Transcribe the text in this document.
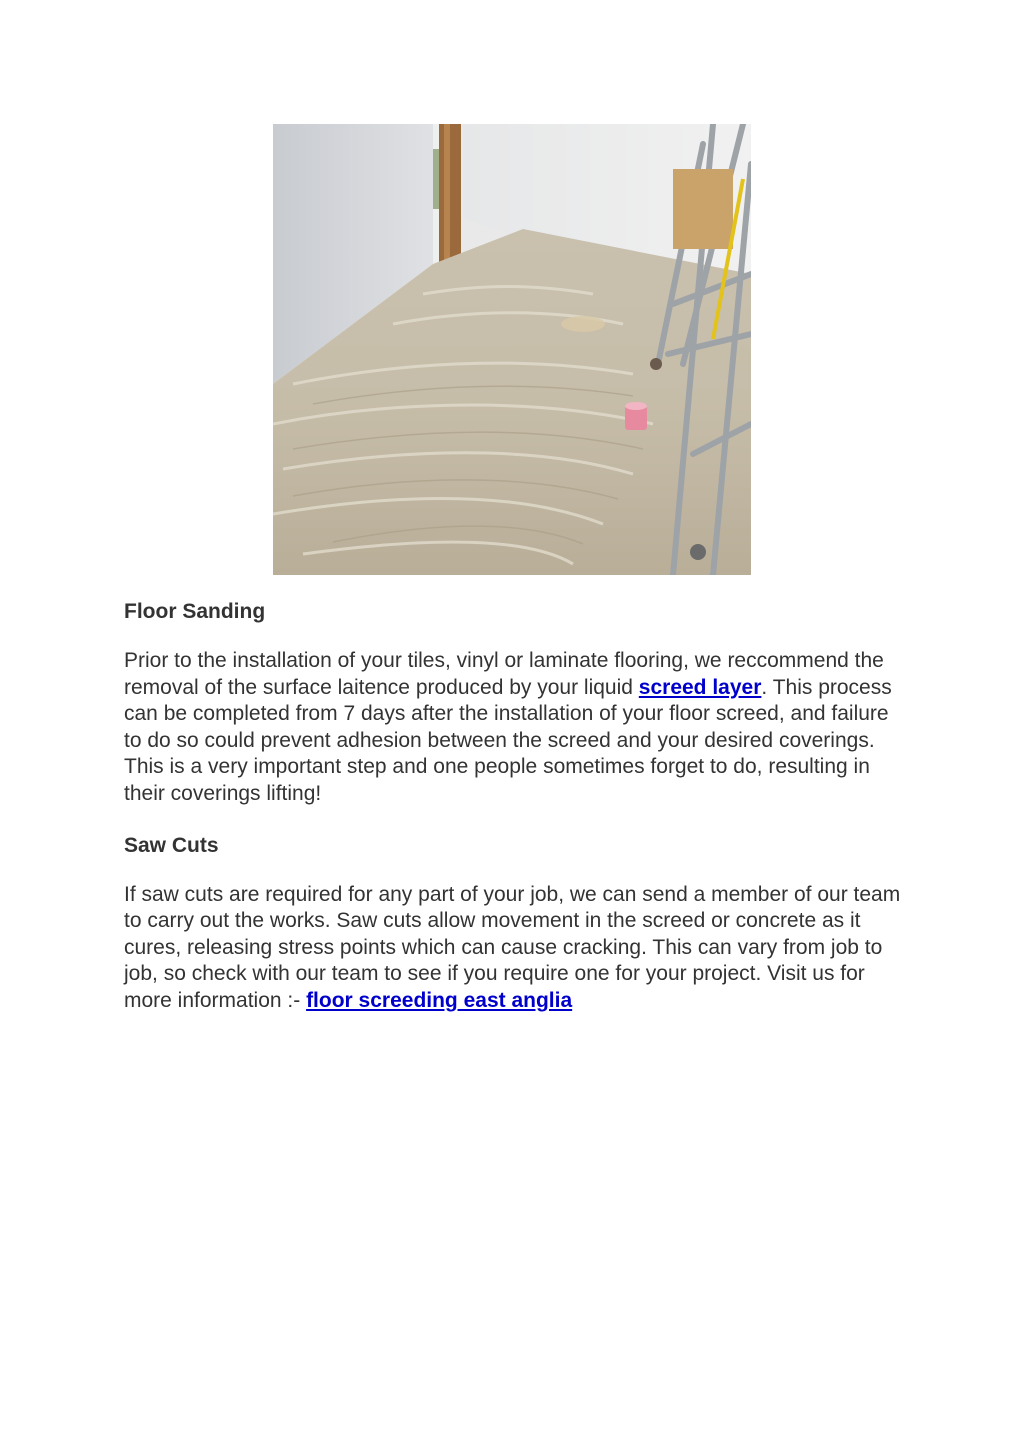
Floor Sanding

Prior to the installation of your tiles, vinyl or laminate flooring, we reccommend the removal of the surface laitence produced by your liquid screed layer. This process can be completed from 7 days after the installation of your floor screed, and failure to do so could prevent adhesion between the screed and your desired coverings. This is a very important step and one people sometimes forget to do, resulting in their coverings lifting!

Saw Cuts

If saw cuts are required for any part of your job, we can send a member of our team to carry out the works. Saw cuts allow movement in the screed or concrete as it cures, releasing stress points which can cause cracking. This can vary from job to job, so check with our team to see if you require one for your project. Visit us for more information :- floor screeding east anglia
